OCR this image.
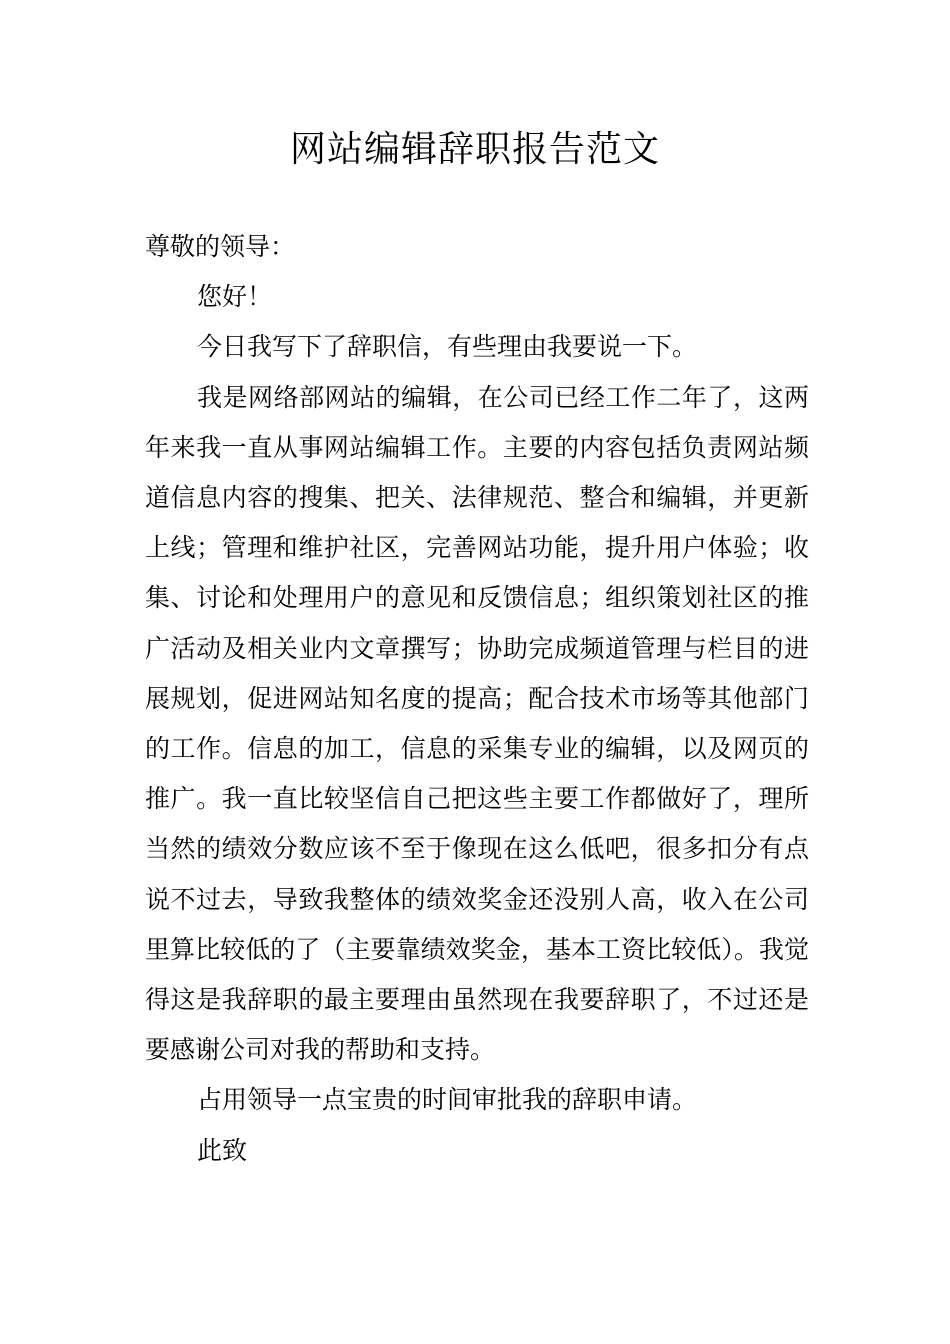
网站编辑辞职报告范文

尊敬的领导：

您好！

今日我写下了辞职信，有些理由我要说一下。

我是网络部网站的编辑，在公司已经工作二年了，这两年来我一直从事网站编辑工作。主要的内容包括负责网站频道信息内容的搜集、把关、法律规范、整合和编辑，并更新上线；管理和维护社区，完善网站功能，提升用户体验；收集、讨论和处理用户的意见和反馈信息；组织策划社区的推广活动及相关业内文章撰写；协助完成频道管理与栏目的进展规划，促进网站知名度的提高；配合技术市场等其他部门的工作。信息的加工，信息的采集专业的编辑，以及网页的推广。我一直比较坚信自己把这些主要工作都做好了，理所当然的绩效分数应该不至于像现在这么低吧，很多扣分有点说不过去，导致我整体的绩效奖金还没别人高，收入在公司里算比较低的了（主要靠绩效奖金，基本工资比较低）。我觉得这是我辞职的最主要理由虽然现在我要辞职了，不过还是要感谢公司对我的帮助和支持。

占用领导一点宝贵的时间审批我的辞职申请。

此致
